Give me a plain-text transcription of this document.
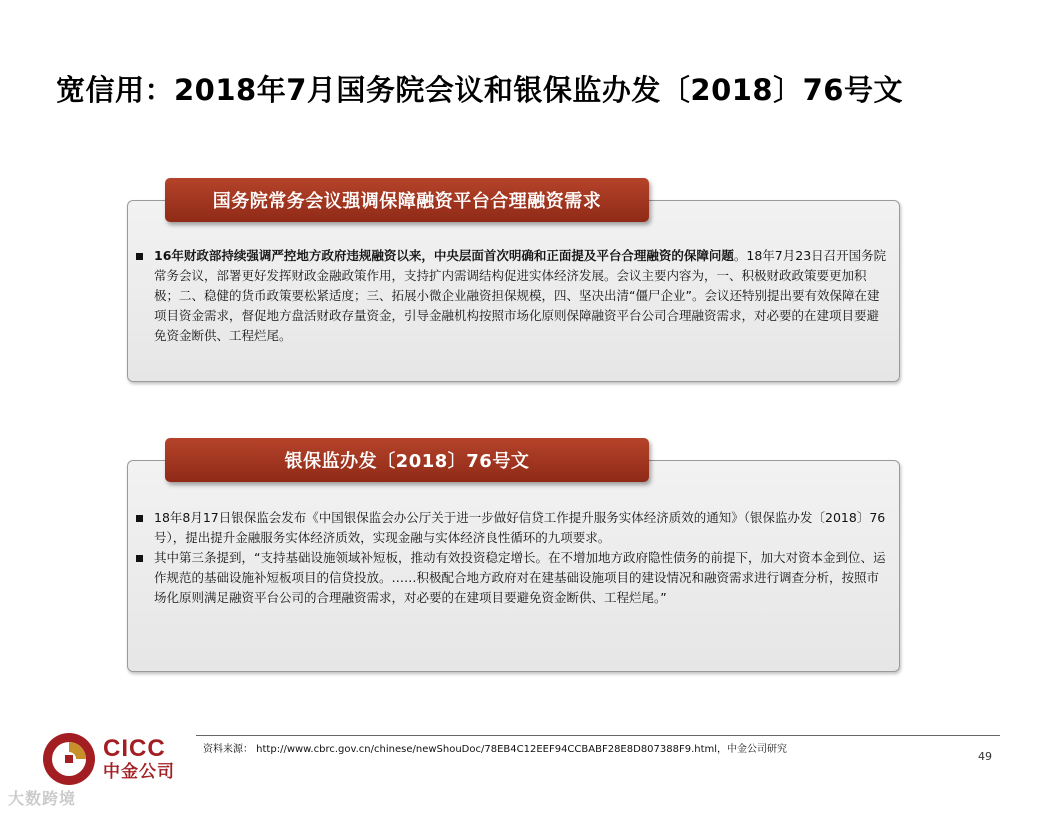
宽信用：2018年7月国务院会议和银保监办发〔2018〕76号文
国务院常务会议强调保障融资平台合理融资需求
16年财政部持续强调严控地方政府违规融资以来，中央层面首次明确和正面提及平台合理融资的保障问题。18年7月23日召开国务院常务会议，部署更好发挥财政金融政策作用，支持扩内需调结构促进实体经济发展。会议主要内容为，一、积极财政政策要更加积极；二、稳健的货币政策要松紧适度；三、拓展小微企业融资担保规模，四、坚决出清“僵尸企业”。会议还特别提出要有效保障在建项目资金需求，督促地方盘活财政存量资金，引导金融机构按照市场化原则保障融资平台公司合理融资需求，对必要的在建项目要避免资金断供、工程烂尾。
银保监办发〔2018〕76号文
18年8月17日银保监会发布《中国银保监会办公厅关于进一步做好信贷工作提升服务实体经济质效的通知》（银保监办发〔2018〕76号），提出提升金融服务实体经济质效，实现金融与实体经济良性循环的九项要求。
其中第三条提到，“支持基础设施领域补短板，推动有效投资稳定增长。在不增加地方政府隐性债务的前提下，加大对资本金到位、运作规范的基础设施补短板项目的信贷投放。……积极配合地方政府对在建基础设施项目的建设情况和融资需求进行调查分析，按照市场化原则满足融资平台公司的合理融资需求，对必要的在建项目要避免资金断供、工程烂尾。”
资料来源： http://www.cbrc.gov.cn/chinese/newShouDoc/78EB4C12EEF94CCBABF28E8D807388F9.html，中金公司研究
49
CICC
中金公司
大数跨境
